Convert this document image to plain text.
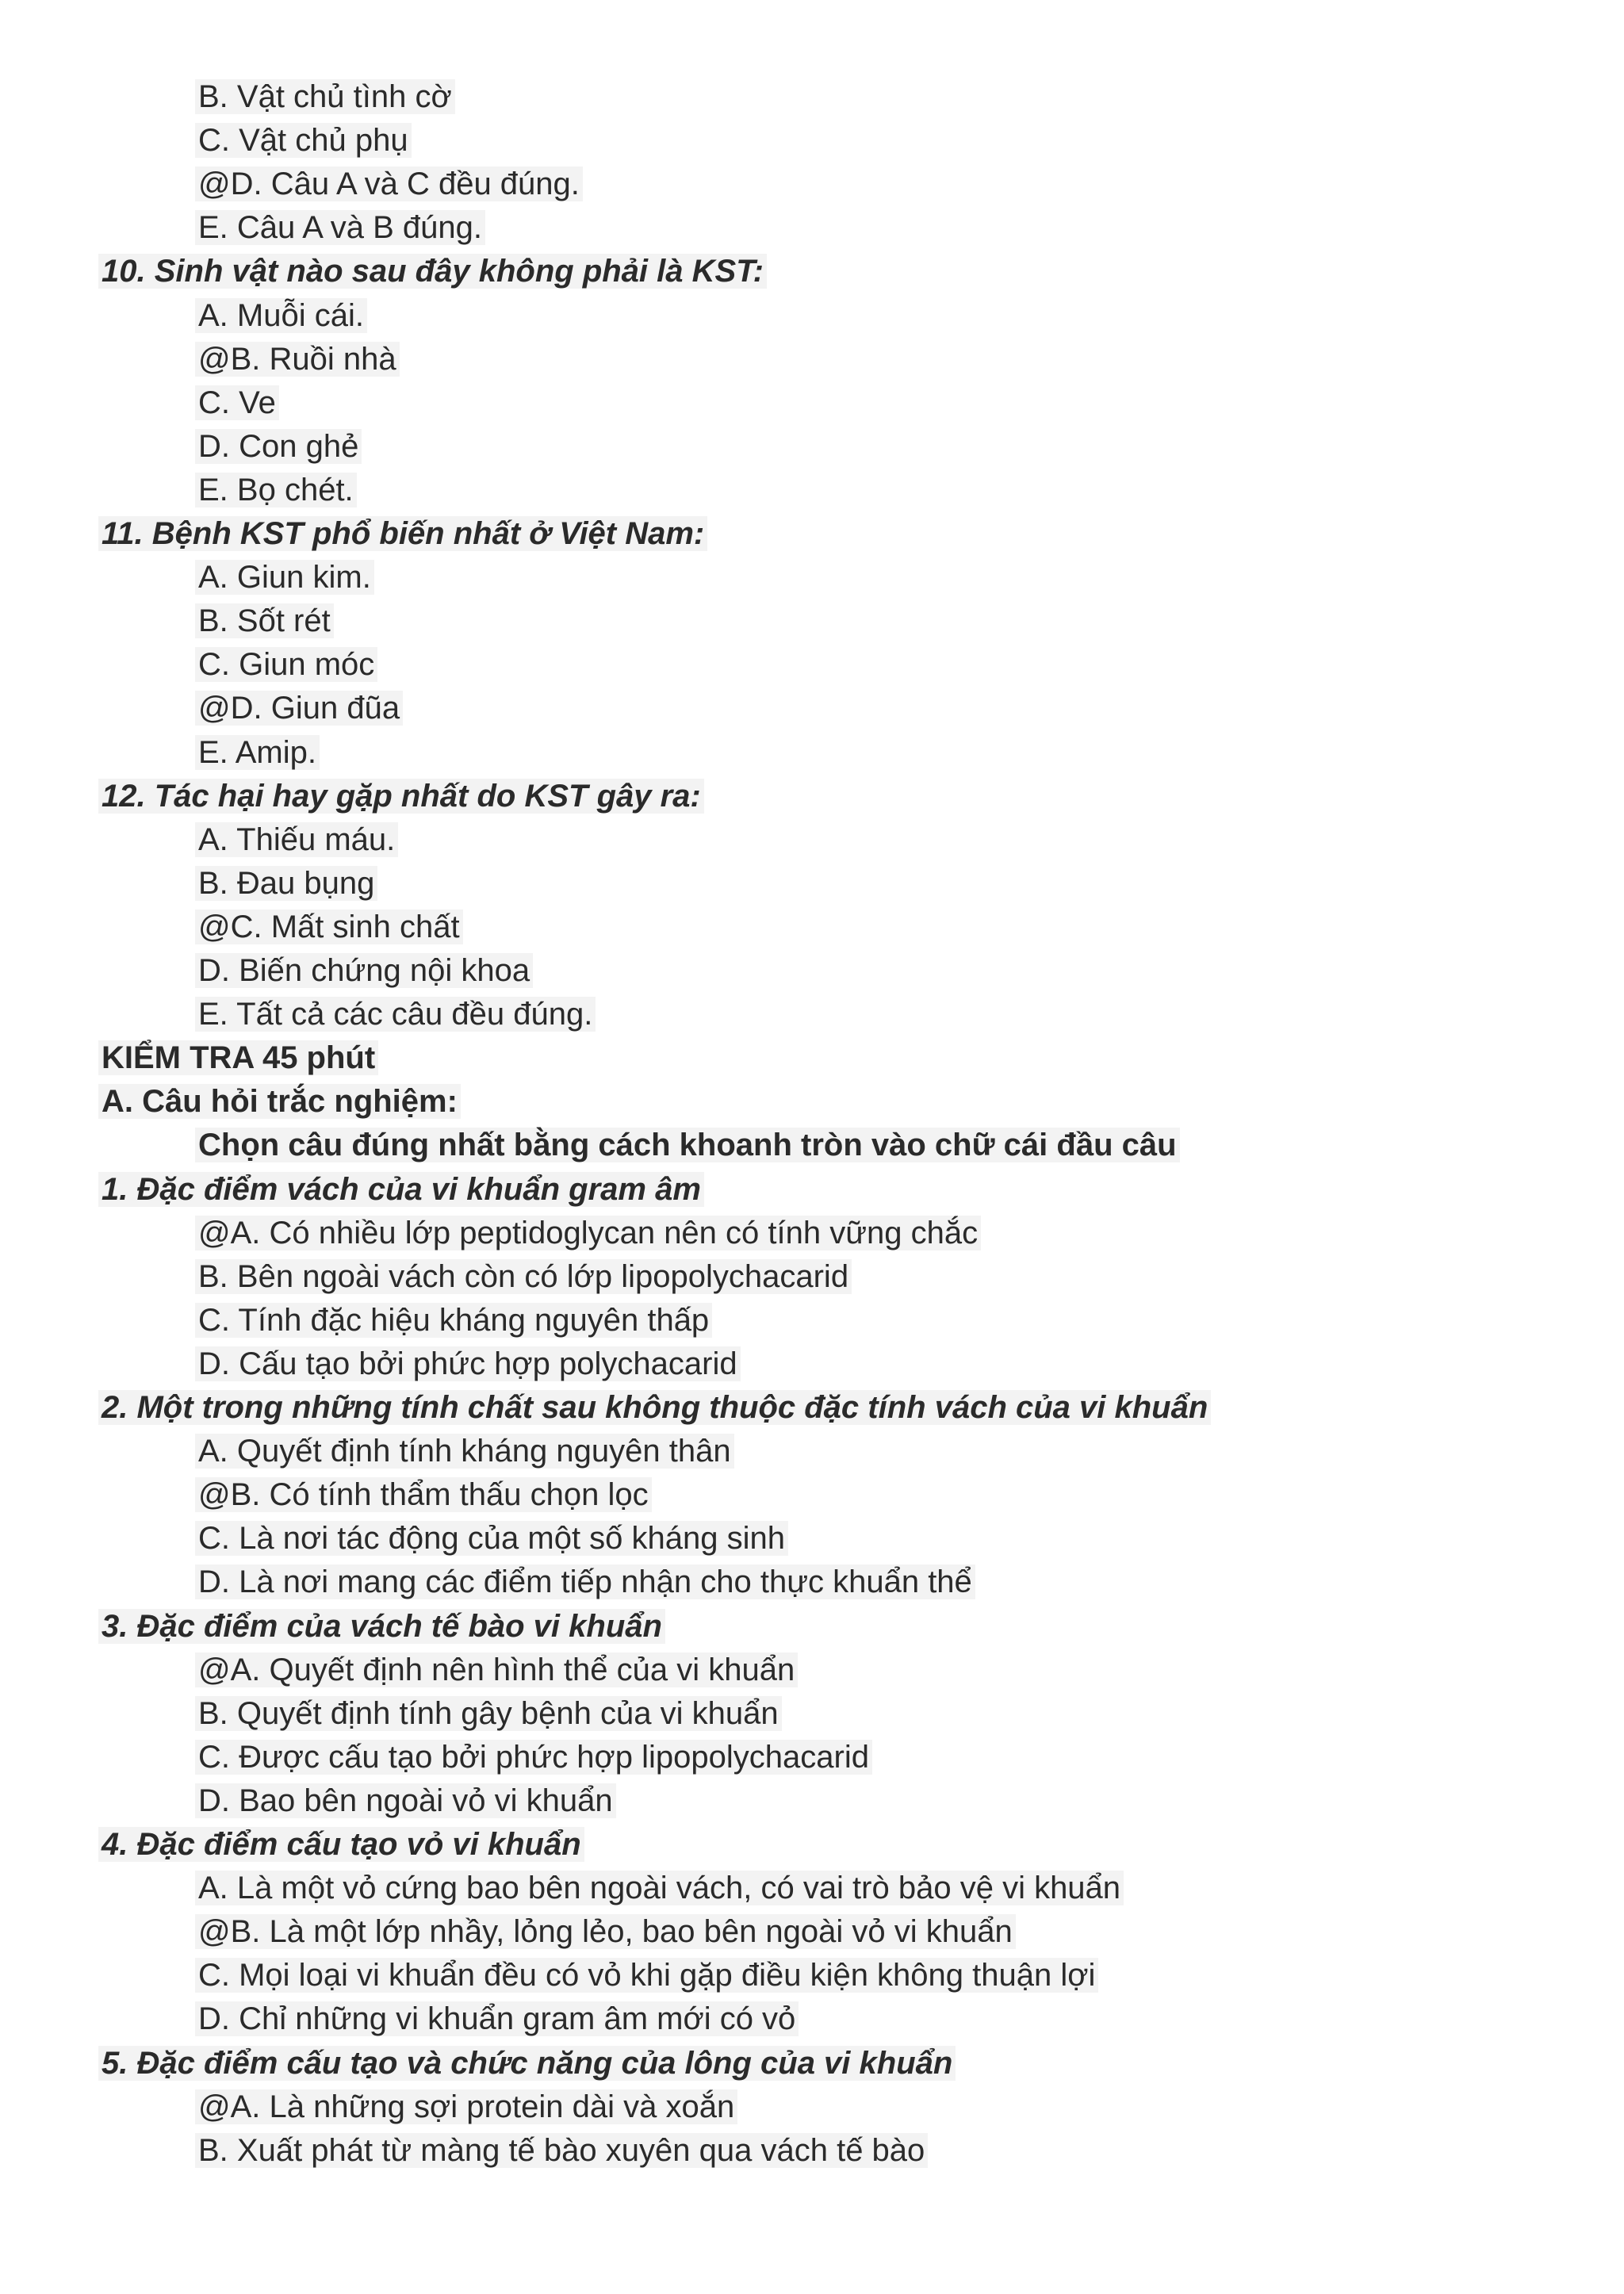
B. Vật chủ tình cờ
C. Vật chủ phụ
@D. Câu A và C đều đúng.
E. Câu A và B đúng.
10. Sinh vật nào sau đây không phải là KST:
A. Muỗi cái.
@B. Ruồi nhà
C. Ve
D. Con ghẻ
E. Bọ chét.
11. Bệnh KST phổ biến nhất ở Việt Nam:
A. Giun kim.
B. Sốt rét
C. Giun móc
@D. Giun đũa
E. Amip.
12. Tác hại hay gặp nhất do KST gây ra:
A. Thiếu máu.
B. Đau bụng
@C. Mất sinh chất
D. Biến chứng nội khoa
E. Tất cả các câu đều đúng.
KIỂM TRA 45 phút
A. Câu hỏi trắc nghiệm:
Chọn câu đúng nhất bằng cách khoanh tròn vào chữ cái đầu câu
1. Đặc điểm vách của vi khuẩn gram âm
@A. Có nhiều lớp peptidoglycan nên có tính vững chắc
B. Bên ngoài vách còn có lớp lipopolychacarid
C. Tính đặc hiệu kháng nguyên thấp
D. Cấu tạo bởi phức hợp polychacarid
2. Một trong những tính chất sau không thuộc đặc tính vách của vi khuẩn
A. Quyết định tính kháng nguyên thân
@B. Có tính thẩm thấu chọn lọc
C. Là nơi tác động của một số kháng sinh
D. Là nơi mang các điểm tiếp nhận cho thực khuẩn thể
3. Đặc điểm của vách tế bào vi khuẩn
@A. Quyết định nên hình thể của vi khuẩn
B. Quyết định tính gây bệnh của vi khuẩn
C. Được cấu tạo bởi phức hợp lipopolychacarid
D. Bao bên ngoài vỏ vi khuẩn
4. Đặc điểm cấu tạo vỏ vi khuẩn
A. Là một vỏ cứng bao bên ngoài vách, có vai trò bảo vệ vi khuẩn
@B. Là một lớp nhầy, lỏng lẻo, bao bên ngoài vỏ vi khuẩn
C. Mọi loại vi khuẩn đều có vỏ khi gặp điều kiện không thuận lợi
D. Chỉ những vi khuẩn gram âm mới có vỏ
5. Đặc điểm cấu tạo và chức năng của lông của vi khuẩn
@A. Là những sợi protein dài và xoắn
B. Xuất phát từ màng tế bào xuyên qua vách tế bào
